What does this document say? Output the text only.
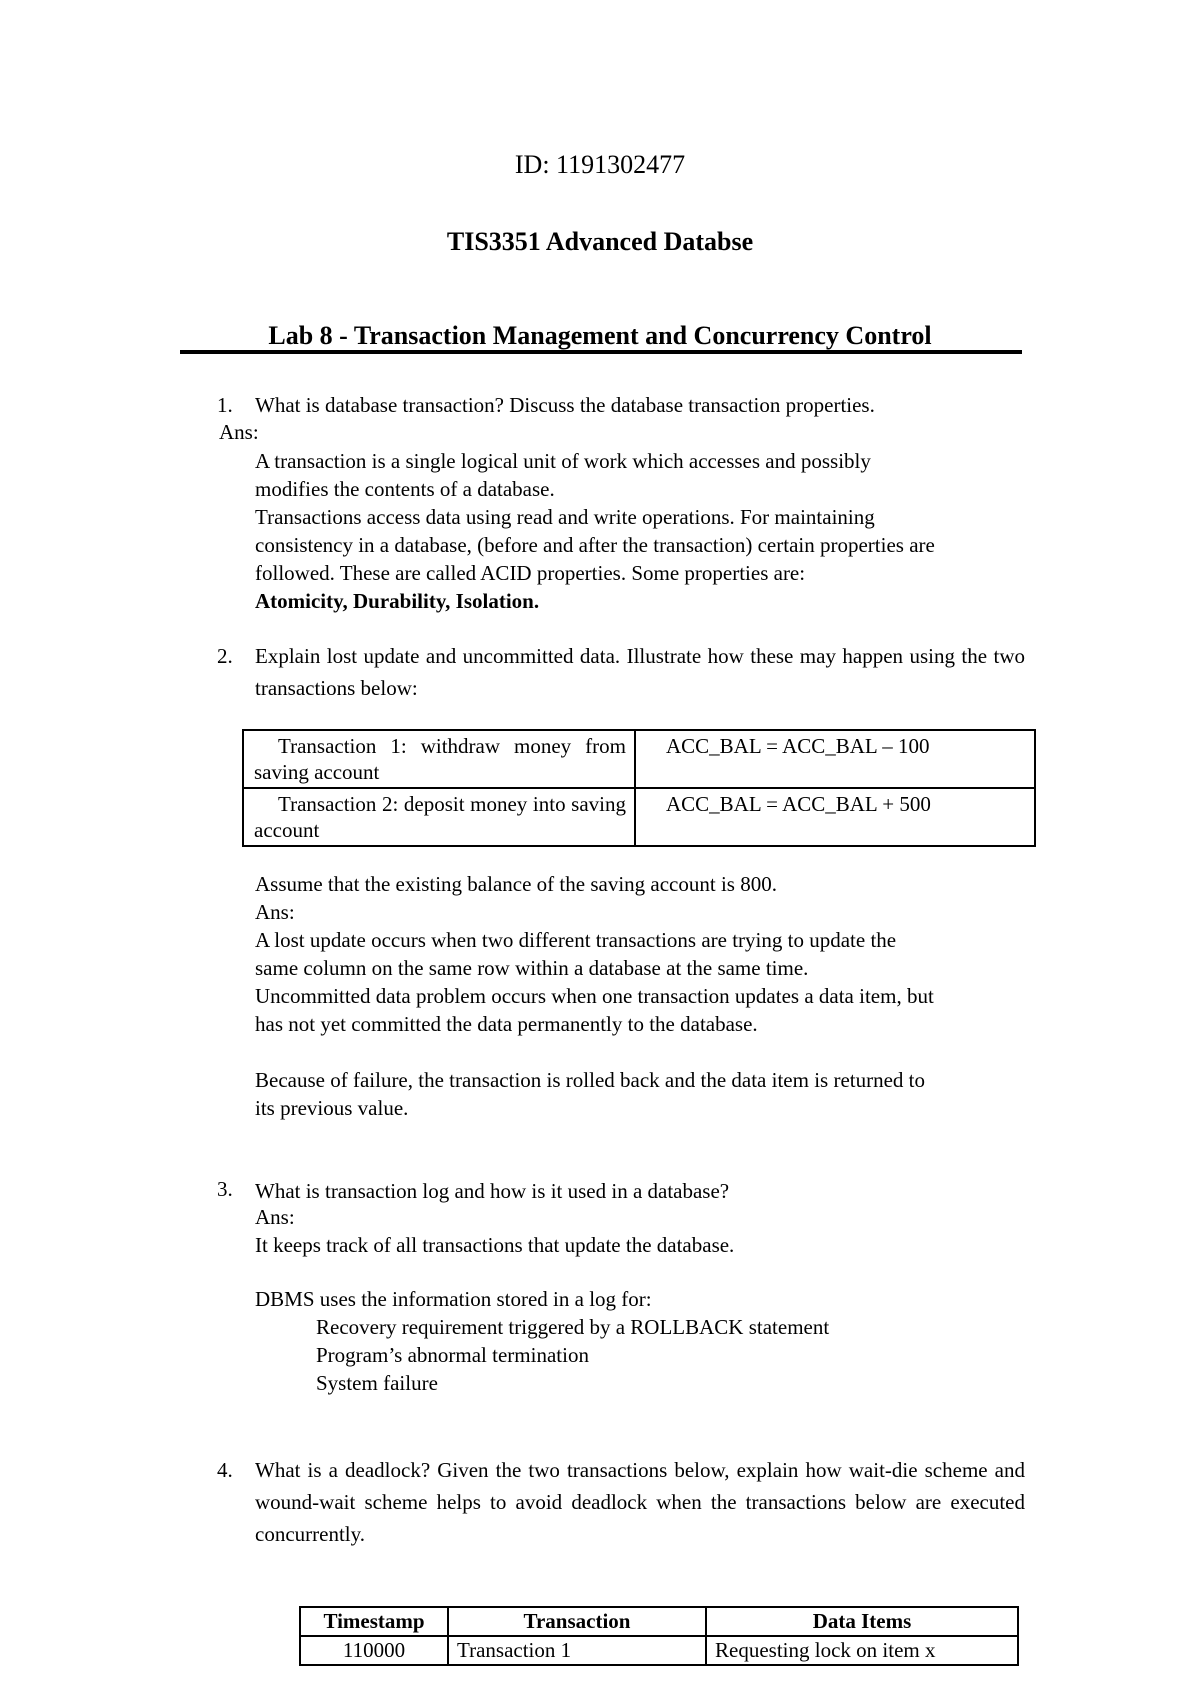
ID: 1191302477
TIS3351 Advanced Databse
Lab 8 - Transaction Management and Concurrency Control
1. What is database transaction? Discuss the database transaction properties.
Ans:

A transaction is a single logical unit of work which accesses and possibly

modifies the contents of a database.

Transactions access data using read and write operations. For maintaining

consistency in a database, (before and after the transaction) certain properties are

followed. These are called ACID properties. Some properties are:

Atomicity, Durability, Isolation.

2. Explain lost update and uncommitted data. Illustrate how these may happen using the two transactions below:
Transaction 1: withdraw money from saving account	ACC_BAL = ACC_BAL – 100
Transaction 2: deposit money into saving account	ACC_BAL = ACC_BAL + 500

Assume that the existing balance of the saving account is 800.

Ans:

A lost update occurs when two different transactions are trying to update the

same column on the same row within a database at the same time.

Uncommitted data problem occurs when one transaction updates a data item, but

has not yet committed the data permanently to the database.

Because of failure, the transaction is rolled back and the data item is returned to

its previous value.

3. What is transaction log and how is it used in a database?

Ans:

It keeps track of all transactions that update the database.

DBMS uses the information stored in a log for:

Recovery requirement triggered by a ROLLBACK statement

Program’s abnormal termination

System failure

4. What is a deadlock? Given the two transactions below, explain how wait-die scheme and wound-wait scheme helps to avoid deadlock when the transactions below are executed concurrently.
Timestamp	Transaction	Data Items
110000	Transaction 1	Requesting lock on item x
